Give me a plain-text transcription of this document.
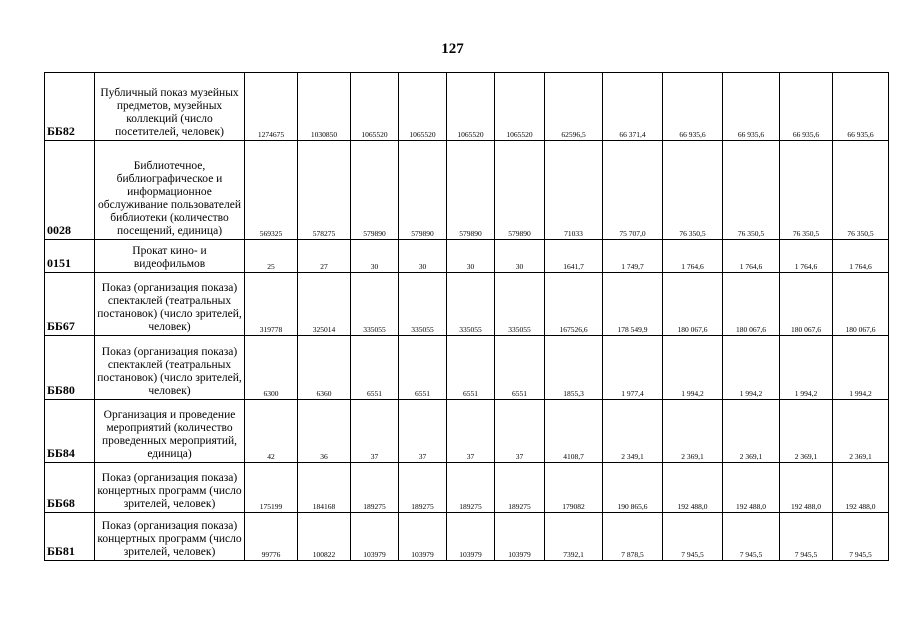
127
ББ82	Публичный показ музейных предметов, музейных коллекций (число посетителей, человек)	1274675	1030850	1065520	1065520	1065520	1065520	62596,5	66 371,4	66 935,6	66 935,6	66 935,6	66 935,6
0028	Библиотечное, библиографическое и информационное обслуживание пользователей библиотеки (количество посещений, единица)	569325	578275	579890	579890	579890	579890	71033	75 707,0	76 350,5	76 350,5	76 350,5	76 350,5
0151	Прокат кино- и видеофильмов	25	27	30	30	30	30	1641,7	1 749,7	1 764,6	1 764,6	1 764,6	1 764,6
ББ67	Показ (организация показа) спектаклей (театральных постановок) (число зрителей, человек)	319778	325014	335055	335055	335055	335055	167526,6	178 549,9	180 067,6	180 067,6	180 067,6	180 067,6
ББ80	Показ (организация показа) спектаклей (театральных постановок) (число зрителей, человек)	6300	6360	6551	6551	6551	6551	1855,3	1 977,4	1 994,2	1 994,2	1 994,2	1 994,2
ББ84	Организация и проведение мероприятий (количество проведенных мероприятий, единица)	42	36	37	37	37	37	4108,7	2 349,1	2 369,1	2 369,1	2 369,1	2 369,1
ББ68	Показ (организация показа) концертных программ (число зрителей, человек)	175199	184168	189275	189275	189275	189275	179082	190 865,6	192 488,0	192 488,0	192 488,0	192 488,0
ББ81	Показ (организация показа) концертных программ (число зрителей, человек)	99776	100822	103979	103979	103979	103979	7392,1	7 878,5	7 945,5	7 945,5	7 945,5	7 945,5
